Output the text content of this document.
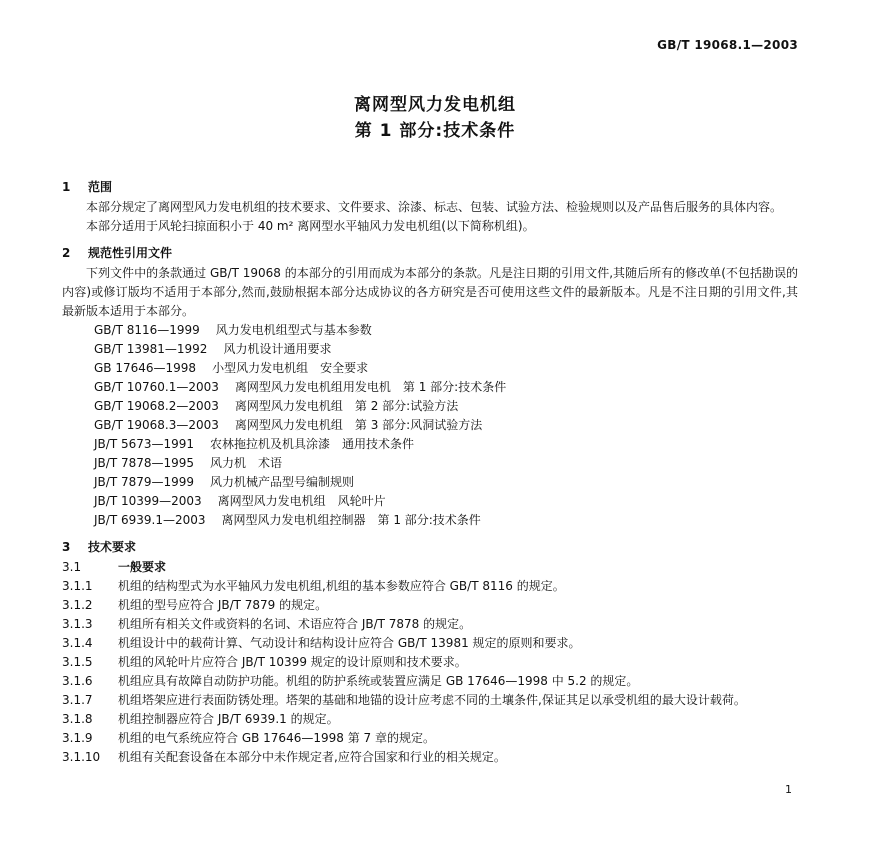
GB/T 19068.1—2003
离网型风力发电机组
第 1 部分:技术条件
1 范围

本部分规定了离网型风力发电机组的技术要求、文件要求、涂漆、标志、包装、试验方法、检验规则以及产品售后服务的具体内容。

本部分适用于风轮扫掠面积小于 40 m² 离网型水平轴风力发电机组(以下简称机组)。

2 规范性引用文件

下列文件中的条款通过 GB/T 19068 的本部分的引用而成为本部分的条款。凡是注日期的引用文件,其随后所有的修改单(不包括勘误的内容)或修订版均不适用于本部分,然而,鼓励根据本部分达成协议的各方研究是否可使用这些文件的最新版本。凡是不注日期的引用文件,其最新版本适用于本部分。

GB/T 8116—1999 风力发电机组型式与基本参数
GB/T 13981—1992 风力机设计通用要求
GB 17646—1998 小型风力发电机组　安全要求
GB/T 10760.1—2003 离网型风力发电机组用发电机　第 1 部分:技术条件
GB/T 19068.2—2003 离网型风力发电机组　第 2 部分:试验方法
GB/T 19068.3—2003 离网型风力发电机组　第 3 部分:风洞试验方法
JB/T 5673—1991 农林拖拉机及机具涂漆　通用技术条件
JB/T 7878—1995 风力机　术语
JB/T 7879—1999 风力机械产品型号编制规则
JB/T 10399—2003 离网型风力发电机组　风轮叶片
JB/T 6939.1—2003 离网型风力发电机组控制器　第 1 部分:技术条件
3 技术要求
3.1	一般要求
3.1.1 机组的结构型式为水平轴风力发电机组,机组的基本参数应符合 GB/T 8116 的规定。
3.1.2 机组的型号应符合 JB/T 7879 的规定。
3.1.3 机组所有相关文件或资料的名词、术语应符合 JB/T 7878 的规定。
3.1.4 机组设计中的载荷计算、气动设计和结构设计应符合 GB/T 13981 规定的原则和要求。
3.1.5 机组的风轮叶片应符合 JB/T 10399 规定的设计原则和技术要求。
3.1.6 机组应具有故障自动防护功能。机组的防护系统或装置应满足 GB 17646—1998 中 5.2 的规定。
3.1.7 机组塔架应进行表面防锈处理。塔架的基础和地锚的设计应考虑不同的土壤条件,保证其足以承受机组的最大设计载荷。
3.1.8 机组控制器应符合 JB/T 6939.1 的规定。
3.1.9 机组的电气系统应符合 GB 17646—1998 第 7 章的规定。
3.1.10 机组有关配套设备在本部分中未作规定者,应符合国家和行业的相关规定。
1
